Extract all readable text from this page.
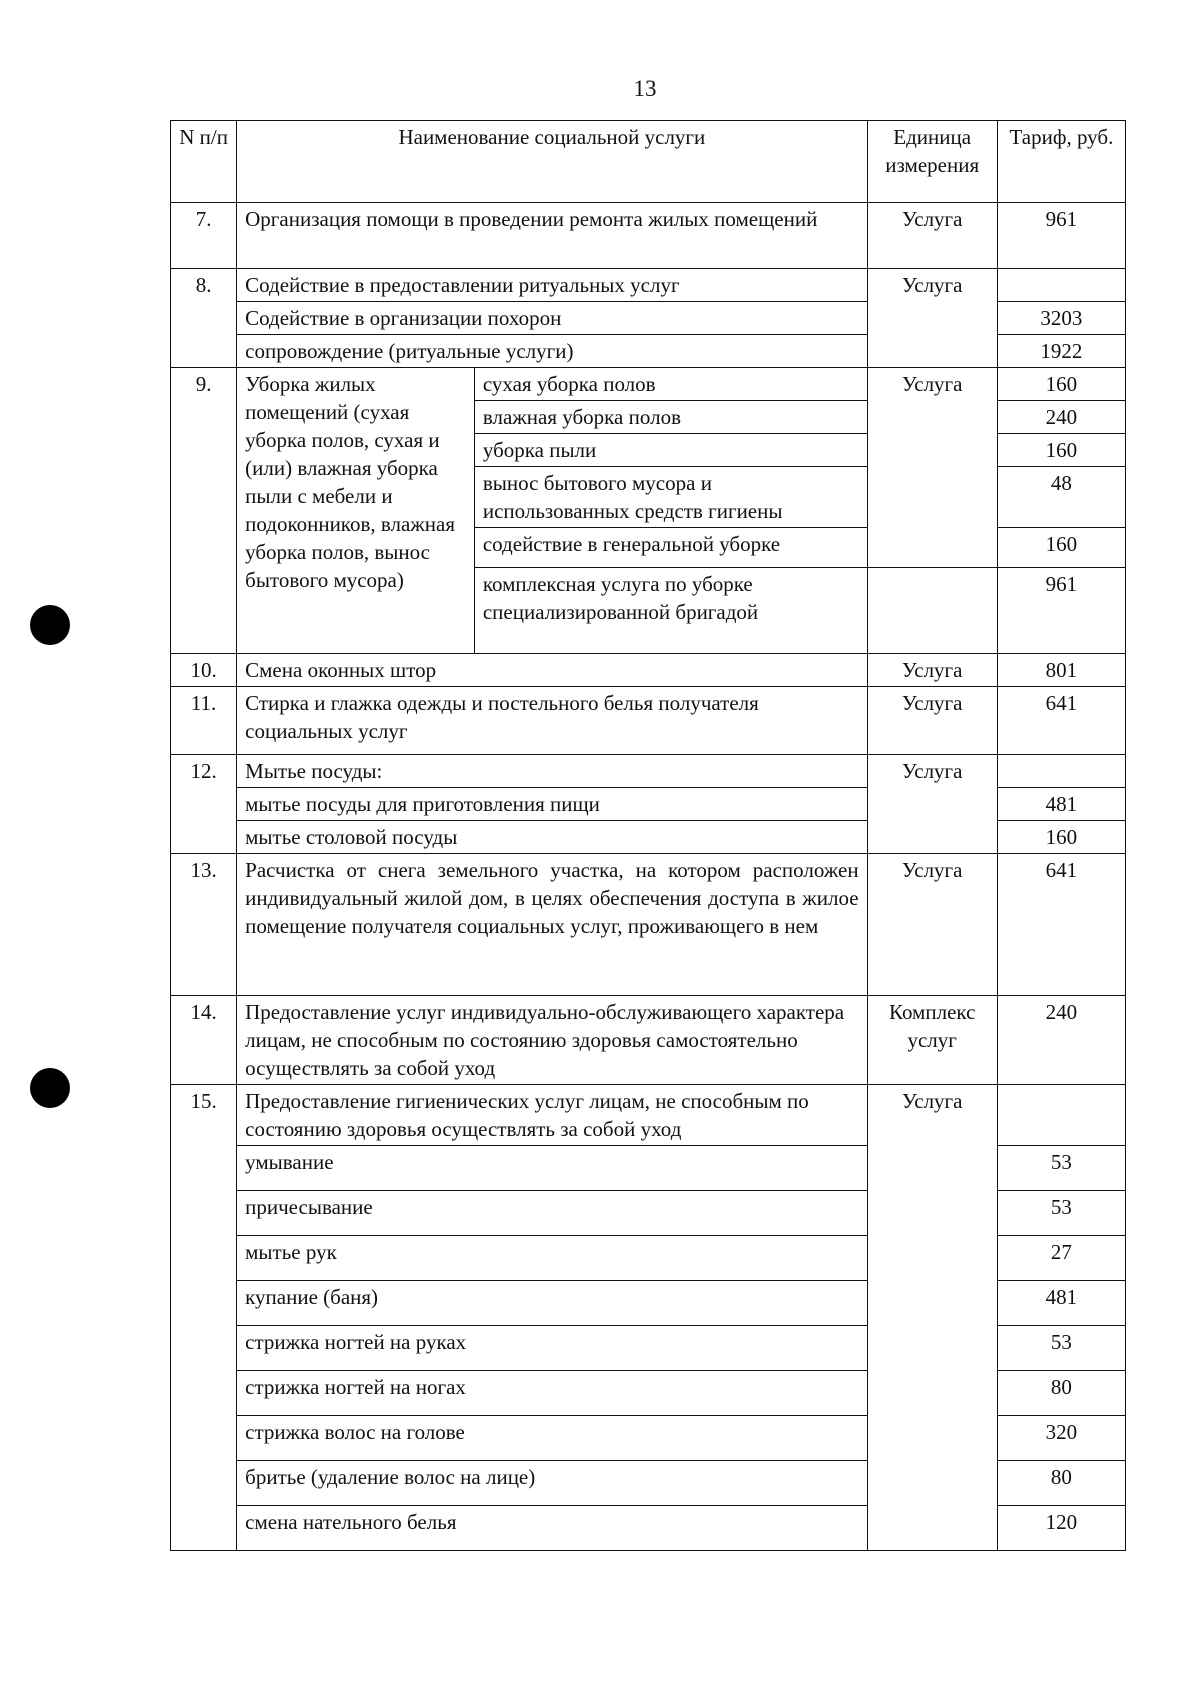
13
N п/п	Наименование социальной услуги		Единица измерения	Тариф, руб.
7.	Организация помощи в проведении ремонта жилых помещений		Услуга	961
8.	Содействие в предоставлении ритуальных услуг		Услуга	
	Содействие в организации похорон			3203
	сопровождение (ритуальные услуги)			1922
9.	Уборка жилых помещений (сухая уборка полов, сухая и (или) влажная уборка пыли с мебели и подоконников, влажная уборка полов, вынос бытового мусора)	сухая уборка полов	Услуга	160
		влажная уборка полов		240
		уборка пыли		160
		вынос бытового мусора и использованных средств гигиены		48
		содействие в генеральной уборке		160
		комплексная услуга по уборке специализированной бригадой		961
10.	Смена оконных штор		Услуга	801
11.	Стирка и глажка одежды и постельного белья получателя социальных услуг		Услуга	641
12.	Мытье посуды:		Услуга	
	мытье посуды для приготовления пищи			481
	мытье столовой посуды			160
13.	Расчистка от снега земельного участка, на котором расположен индивидуальный жилой дом, в целях обеспечения доступа в жилое помещение получателя социальных услуг, проживающего в нем		Услуга	641
14.	Предоставление услуг индивидуально-обслуживающего характера лицам, не способным по состоянию здоровья самостоятельно осуществлять за собой уход		Комплекс услуг	240
15.	Предоставление гигиенических услуг лицам, не способным по состоянию здоровья осуществлять за собой уход		Услуга	
	умывание			53
	причесывание			53
	мытье рук			27
	купание (баня)			481
	стрижка ногтей на руках			53
	стрижка ногтей на ногах			80
	стрижка волос на голове			320
	бритье (удаление волос на лице)			80
	смена нательного белья			120
